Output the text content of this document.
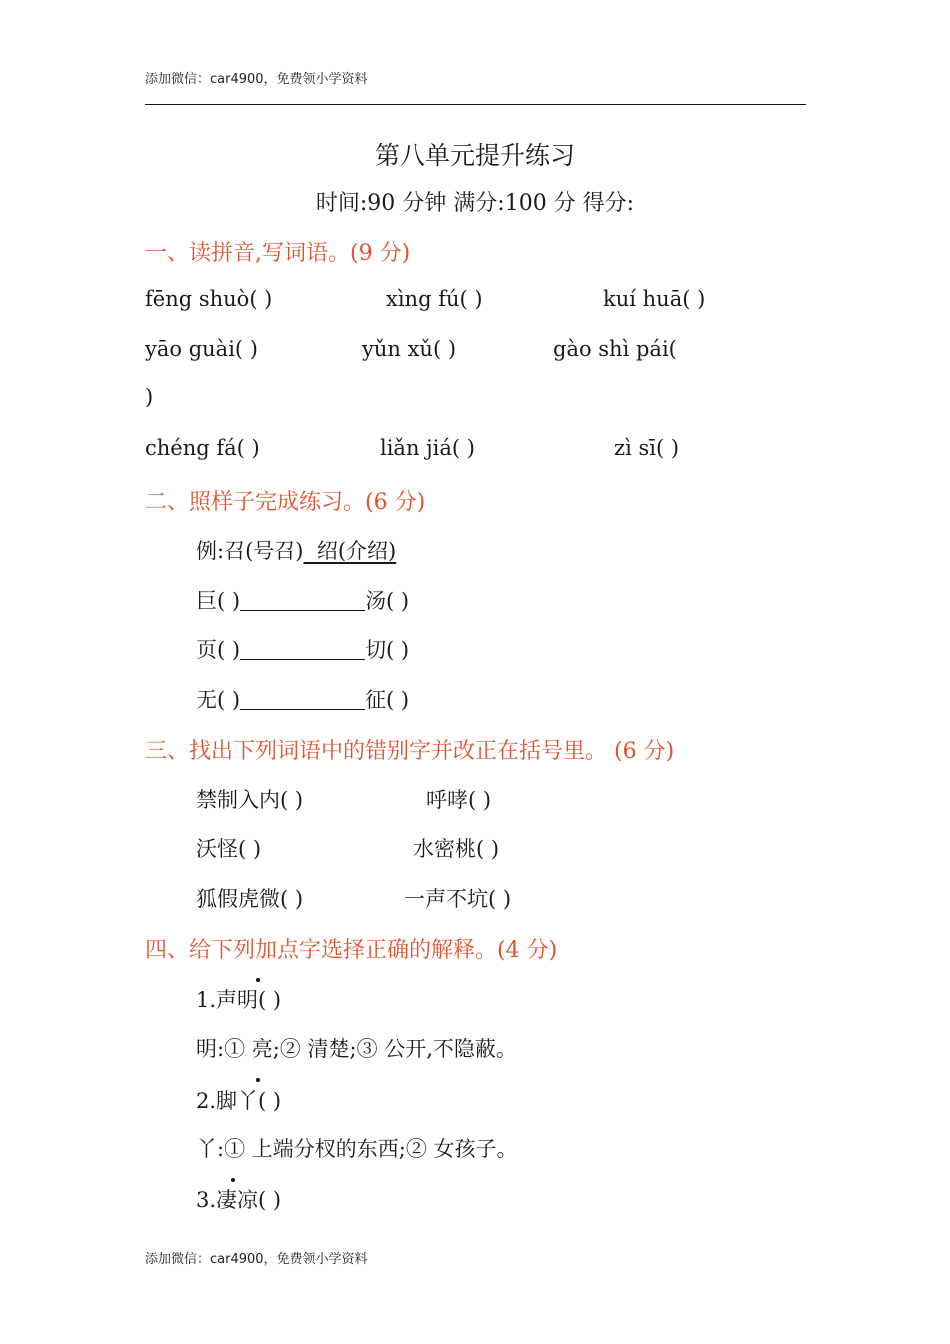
添加微信：car4900，免费领小学资料
第八单元提升练习
时间:90 分钟 满分:100 分 得分:
一、读拼音,写词语。(9 分)
fēng shuò( )	xìng fú( )	kuí huā( )
yāo guài( )	yǔn xǔ( )	gào shì pái(
)
chéng fá( )	liǎn jiá( )	zì sī( )
二、照样子完成练习。(6 分)
例:召(号召)  绍(介绍)
巨( )	汤( )
页( )	切( )
无( )	征( )
三、找出下列词语中的错别字并改正在括号里。 (6 分)
禁制入内( )	呼哮( )
沃怪( )	水密桃( )
狐假虎微( )	一声不坑( )
四、给下列加点字选择正确的解释。(4 分)
1.声明( )
明:① 亮;② 清楚;③ 公开,不隐蔽。
2.脚丫( )
丫:① 上端分杈的东西;② 女孩子。
3.凄凉( )
添加微信：car4900，免费领小学资料
